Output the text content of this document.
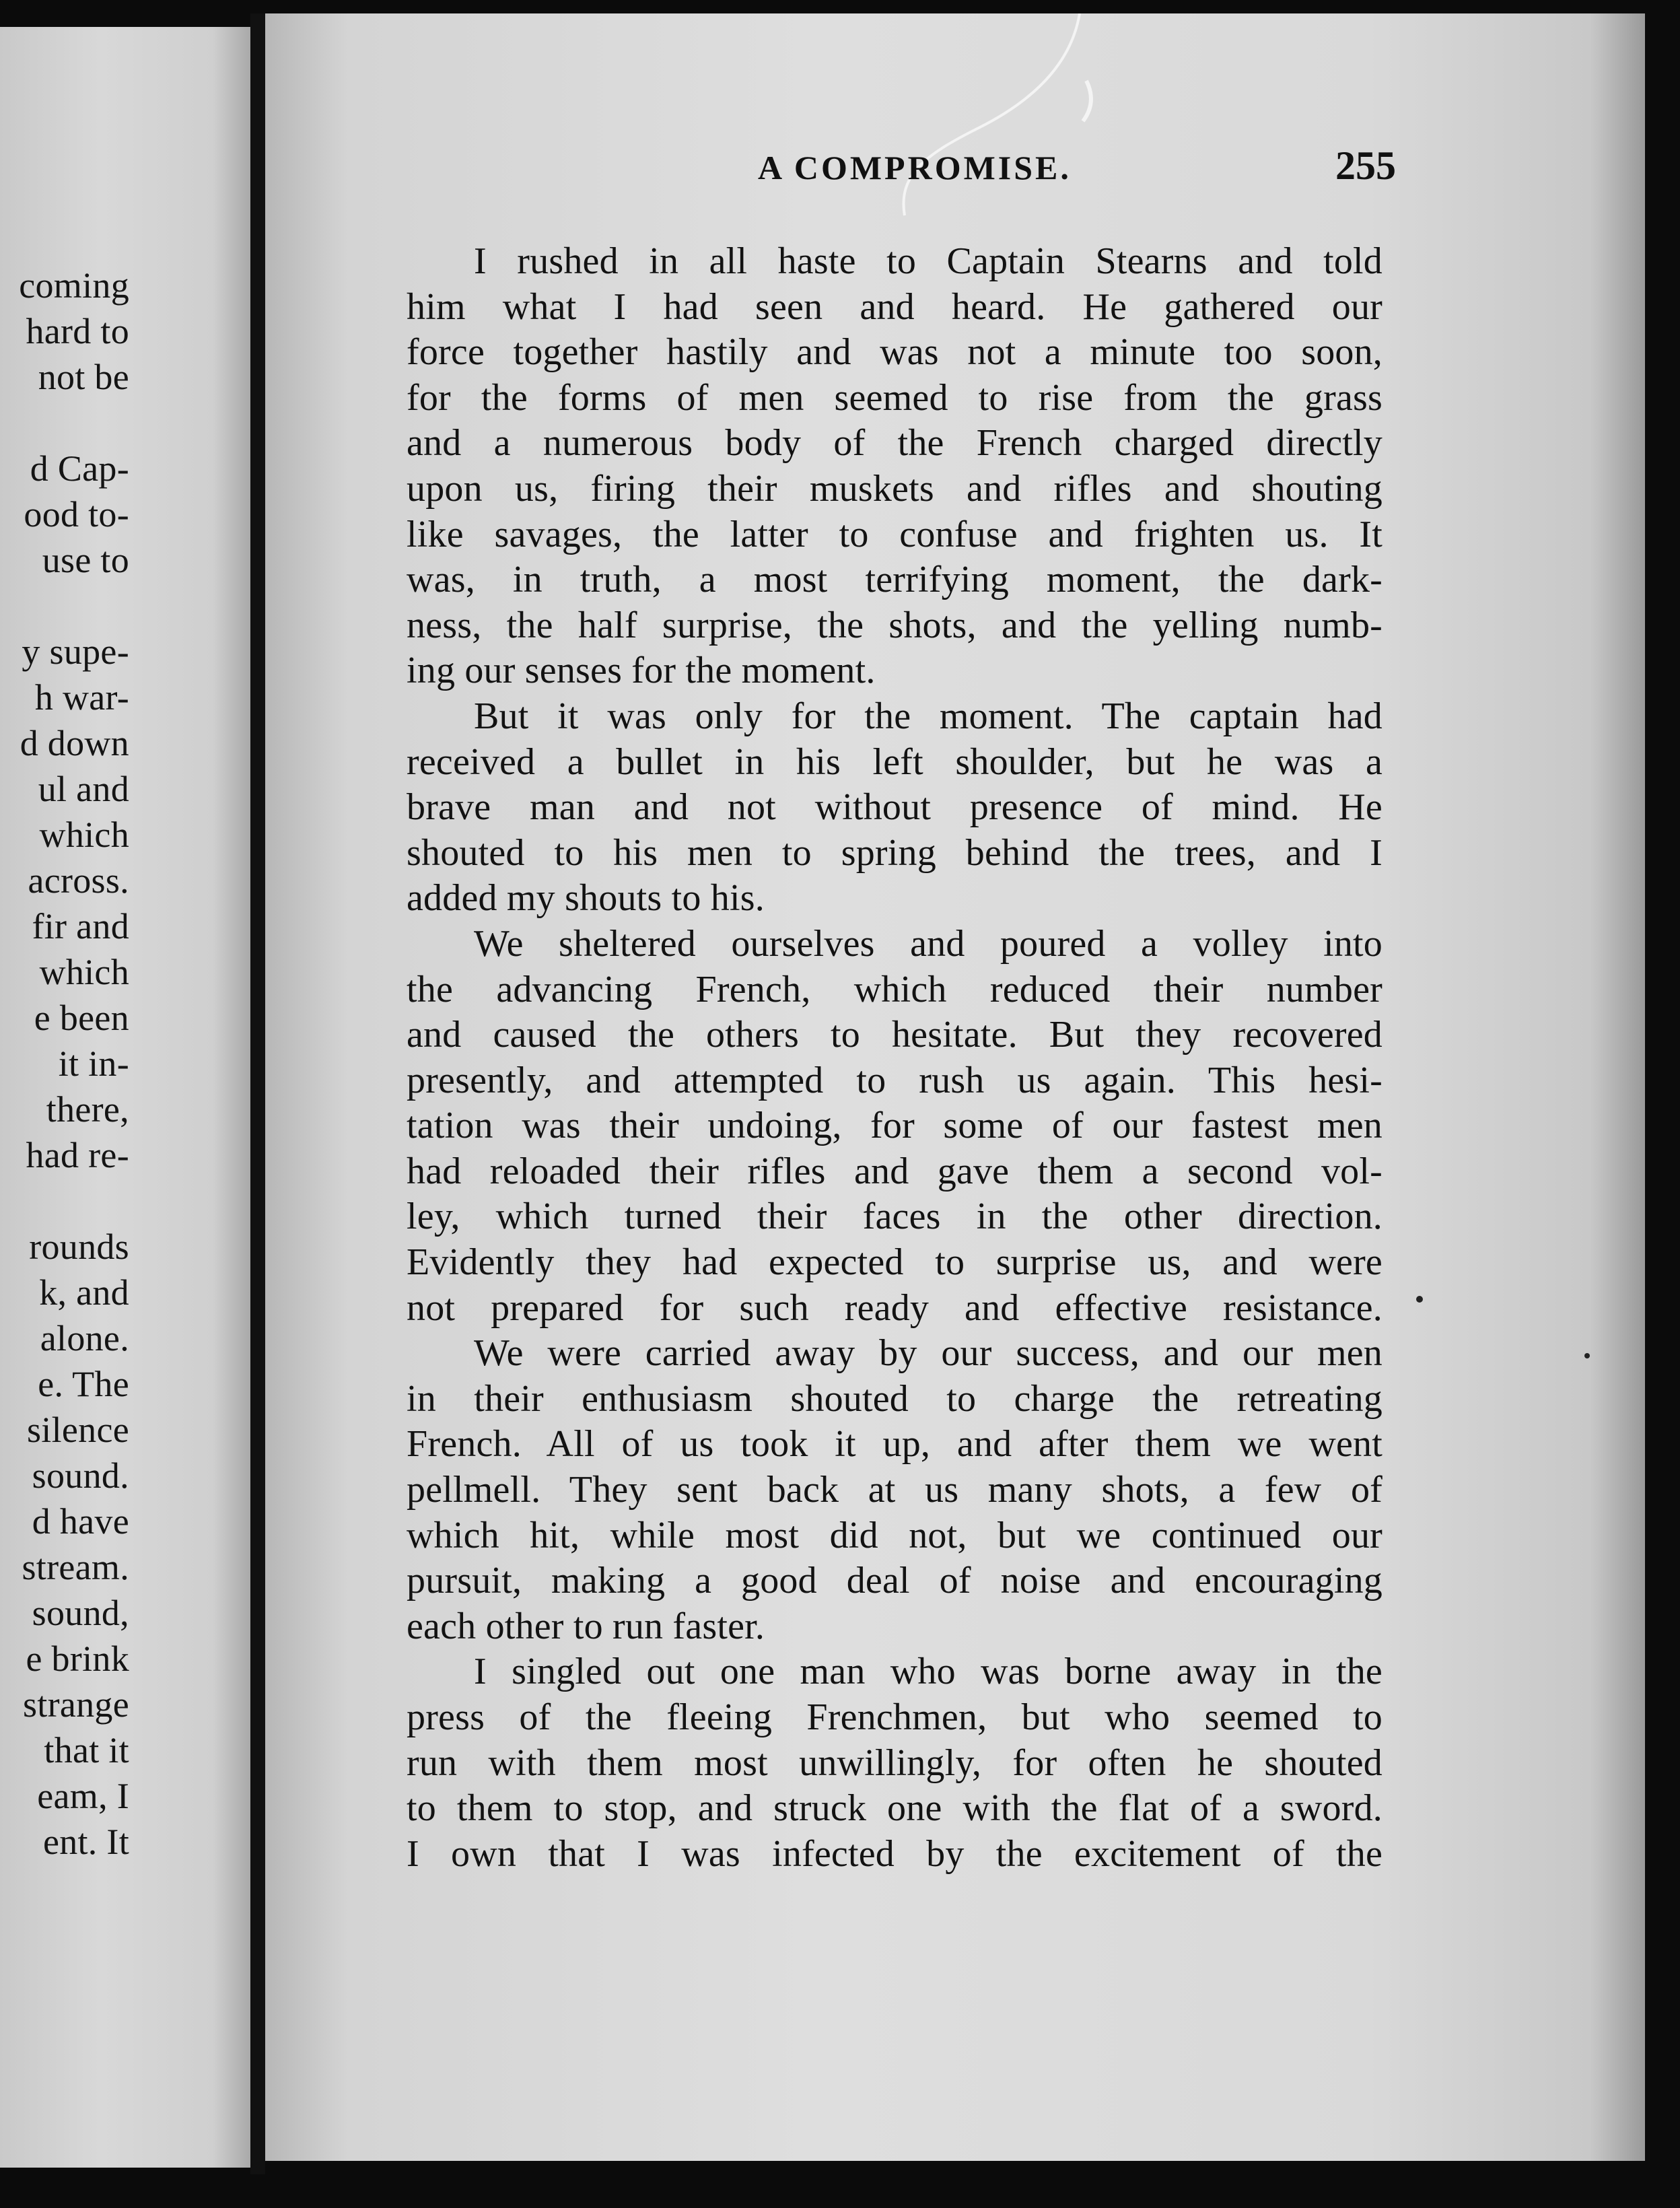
coming
hard to
not be
d Cap-
ood to-
use to
y supe-
h war-
d down
ul and
which
across.
fir and
which
e been
it in-
there,
had re-
rounds
k, and
alone.
e. The
silence
sound.
d have
stream.
sound,
e brink
strange
that it
eam, I
ent. It
A COMPROMISE.	255
I rushed in all haste to Captain Stearns and told
him what I had seen and heard. He gathered our
force together hastily and was not a minute too soon,
for the forms of men seemed to rise from the grass
and a numerous body of the French charged directly
upon us, firing their muskets and rifles and shouting
like savages, the latter to confuse and frighten us. It
was, in truth, a most terrifying moment, the dark-
ness, the half surprise, the shots, and the yelling numb-
ing our senses for the moment.
But it was only for the moment. The captain had
received a bullet in his left shoulder, but he was a
brave man and not without presence of mind. He
shouted to his men to spring behind the trees, and I
added my shouts to his.
We sheltered ourselves and poured a volley into
the advancing French, which reduced their number
and caused the others to hesitate. But they recovered
presently, and attempted to rush us again. This hesi-
tation was their undoing, for some of our fastest men
had reloaded their rifles and gave them a second vol-
ley, which turned their faces in the other direction.
Evidently they had expected to surprise us, and were
not prepared for such ready and effective resistance.
We were carried away by our success, and our men
in their enthusiasm shouted to charge the retreating
French. All of us took it up, and after them we went
pellmell. They sent back at us many shots, a few of
which hit, while most did not, but we continued our
pursuit, making a good deal of noise and encouraging
each other to run faster.
I singled out one man who was borne away in the
press of the fleeing Frenchmen, but who seemed to
run with them most unwillingly, for often he shouted
to them to stop, and struck one with the flat of a sword.
I own that I was infected by the excitement of the
